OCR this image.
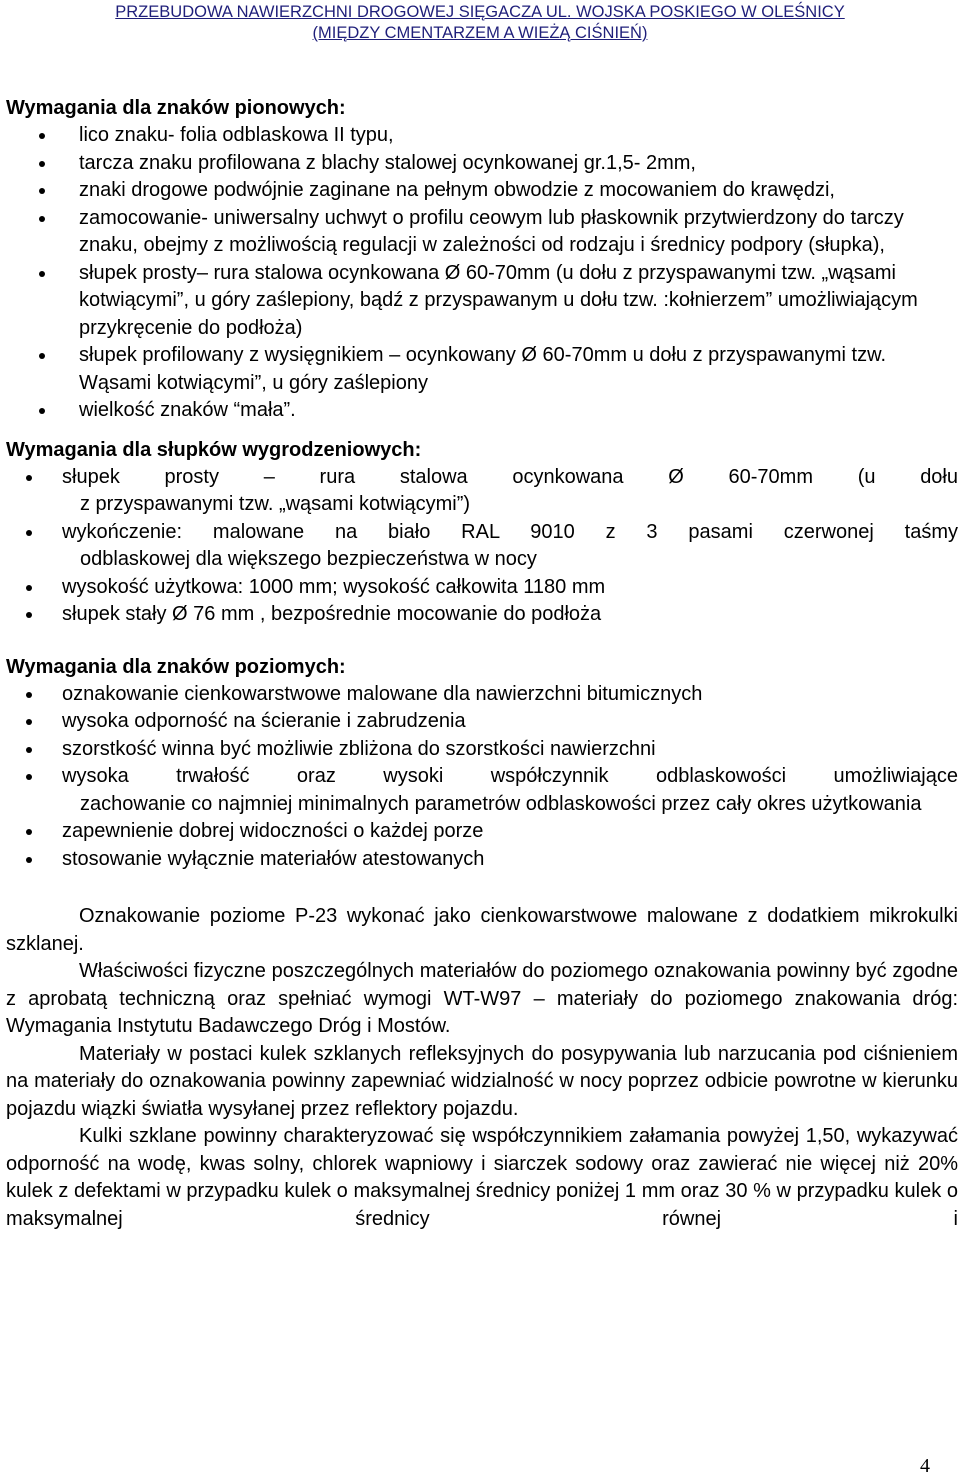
PRZEBUDOWA NAWIERZCHNI DROGOWEJ SIĘGACZA UL. WOJSKA POSKIEGO W OLEŚNICY
(MIĘDZY CMENTARZEM A WIEŻĄ CIŚNIEŃ)
Wymagania dla znaków pionowych:
lico znaku- folia odblaskowa II typu,
tarcza znaku profilowana z blachy stalowej ocynkowanej gr.1,5- 2mm,
znaki drogowe podwójnie zaginane na pełnym obwodzie z mocowaniem do krawędzi,
zamocowanie- uniwersalny uchwyt o profilu ceowym lub płaskownik przytwierdzony do tarczy znaku, obejmy z możliwością regulacji w zależności od rodzaju i średnicy podpory (słupka),
słupek prosty– rura stalowa ocynkowana Ø 60-70mm (u dołu z przyspawanymi tzw. „wąsami kotwiącymi”, u góry zaślepiony, bądź z przyspawanym u dołu tzw. :kołnierzem” umożliwiającym przykręcenie do podłoża)
słupek profilowany z wysięgnikiem – ocynkowany Ø 60-70mm u dołu z przyspawanymi tzw. Wąsami kotwiącymi”, u góry zaślepiony
wielkość znaków “mała”.
Wymagania dla słupków wygrodzeniowych:
słupek prosty – rura stalowa ocynkowana Ø 60-70mm (u dołu
z przyspawanymi tzw. „wąsami kotwiącymi”)
wykończenie: malowane na biało RAL 9010 z 3 pasami czerwonej taśmy
odblaskowej dla większego bezpieczeństwa w nocy
wysokość użytkowa: 1000 mm; wysokość całkowita 1180 mm
słupek stały Ø 76 mm , bezpośrednie mocowanie do podłoża
Wymagania dla znaków poziomych:
oznakowanie cienkowarstwowe malowane dla nawierzchni bitumicznych
wysoka odporność na ścieranie i zabrudzenia
szorstkość winna być możliwie zbliżona do szorstkości nawierzchni
wysoka trwałość oraz wysoki współczynnik odblaskowości umożliwiające
zachowanie co najmniej minimalnych parametrów odblaskowości przez cały okres użytkowania
zapewnienie dobrej widoczności o każdej porze
stosowanie wyłącznie materiałów atestowanych

Oznakowanie poziome P-23 wykonać jako cienkowarstwowe malowane z dodatkiem mikrokulki szklanej.

Właściwości fizyczne poszczególnych materiałów do poziomego oznakowania powinny być zgodne z aprobatą techniczną oraz spełniać wymogi WT-W97 – materiały do poziomego znakowania dróg: Wymagania Instytutu Badawczego Dróg i Mostów.

Materiały w postaci kulek szklanych refleksyjnych do posypywania lub narzucania pod ciśnieniem na materiały do oznakowania powinny zapewniać widzialność w nocy poprzez odbicie powrotne w kierunku pojazdu wiązki światła wysyłanej przez reflektory pojazdu.

Kulki szklane powinny charakteryzować się współczynnikiem załamania powyżej 1,50, wykazywać odporność na wodę, kwas solny, chlorek wapniowy i siarczek sodowy oraz zawierać nie więcej niż 20% kulek z defektami w przypadku kulek o maksymalnej średnicy poniżej 1 mm oraz 30 % w przypadku kulek o maksymalnej średnicy równej i

4
